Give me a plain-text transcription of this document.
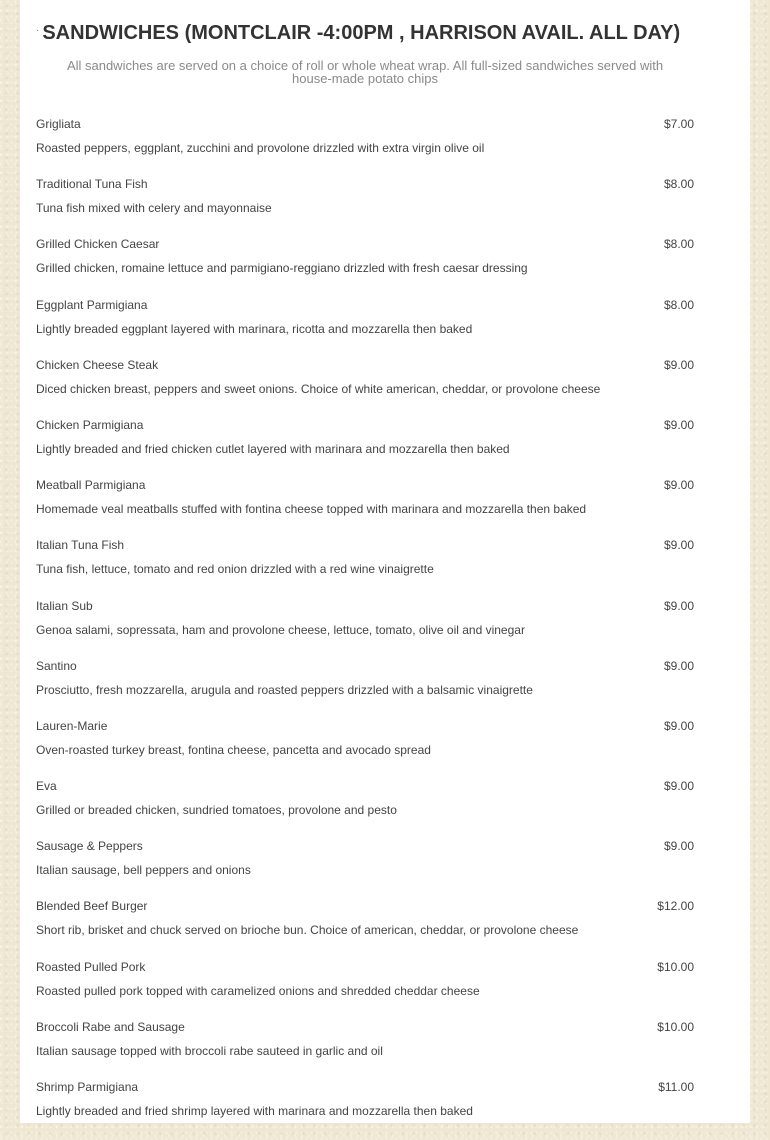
· SANDWICHES (MONTCLAIR -4:00PM , HARRISON AVAIL. ALL DAY)
All sandwiches are served on a choice of roll or whole wheat wrap. All full-sized sandwiches served with house-made potato chips
Grigliata	$7.00
Roasted peppers, eggplant, zucchini and provolone drizzled with extra virgin olive oil
Traditional Tuna Fish	$8.00
Tuna fish mixed with celery and mayonnaise
Grilled Chicken Caesar	$8.00
Grilled chicken, romaine lettuce and parmigiano-reggiano drizzled with fresh caesar dressing
Eggplant Parmigiana	$8.00
Lightly breaded eggplant layered with marinara, ricotta and mozzarella then baked
Chicken Cheese Steak	$9.00
Diced chicken breast, peppers and sweet onions. Choice of white american, cheddar, or provolone cheese
Chicken Parmigiana	$9.00
Lightly breaded and fried chicken cutlet layered with marinara and mozzarella then baked
Meatball Parmigiana	$9.00
Homemade veal meatballs stuffed with fontina cheese topped with marinara and mozzarella then baked
Italian Tuna Fish	$9.00
Tuna fish, lettuce, tomato and red onion drizzled with a red wine vinaigrette
Italian Sub	$9.00
Genoa salami, sopressata, ham and provolone cheese, lettuce, tomato, olive oil and vinegar
Santino	$9.00
Prosciutto, fresh mozzarella, arugula and roasted peppers drizzled with a balsamic vinaigrette
Lauren-Marie	$9.00
Oven-roasted turkey breast, fontina cheese, pancetta and avocado spread
Eva	$9.00
Grilled or breaded chicken, sundried tomatoes, provolone and pesto
Sausage & Peppers	$9.00
Italian sausage, bell peppers and onions
Blended Beef Burger	$12.00
Short rib, brisket and chuck served on brioche bun. Choice of american, cheddar, or provolone cheese
Roasted Pulled Pork	$10.00
Roasted pulled pork topped with caramelized onions and shredded cheddar cheese
Broccoli Rabe and Sausage	$10.00
Italian sausage topped with broccoli rabe sauteed in garlic and oil
Shrimp Parmigiana	$11.00
Lightly breaded and fried shrimp layered with marinara and mozzarella then baked
